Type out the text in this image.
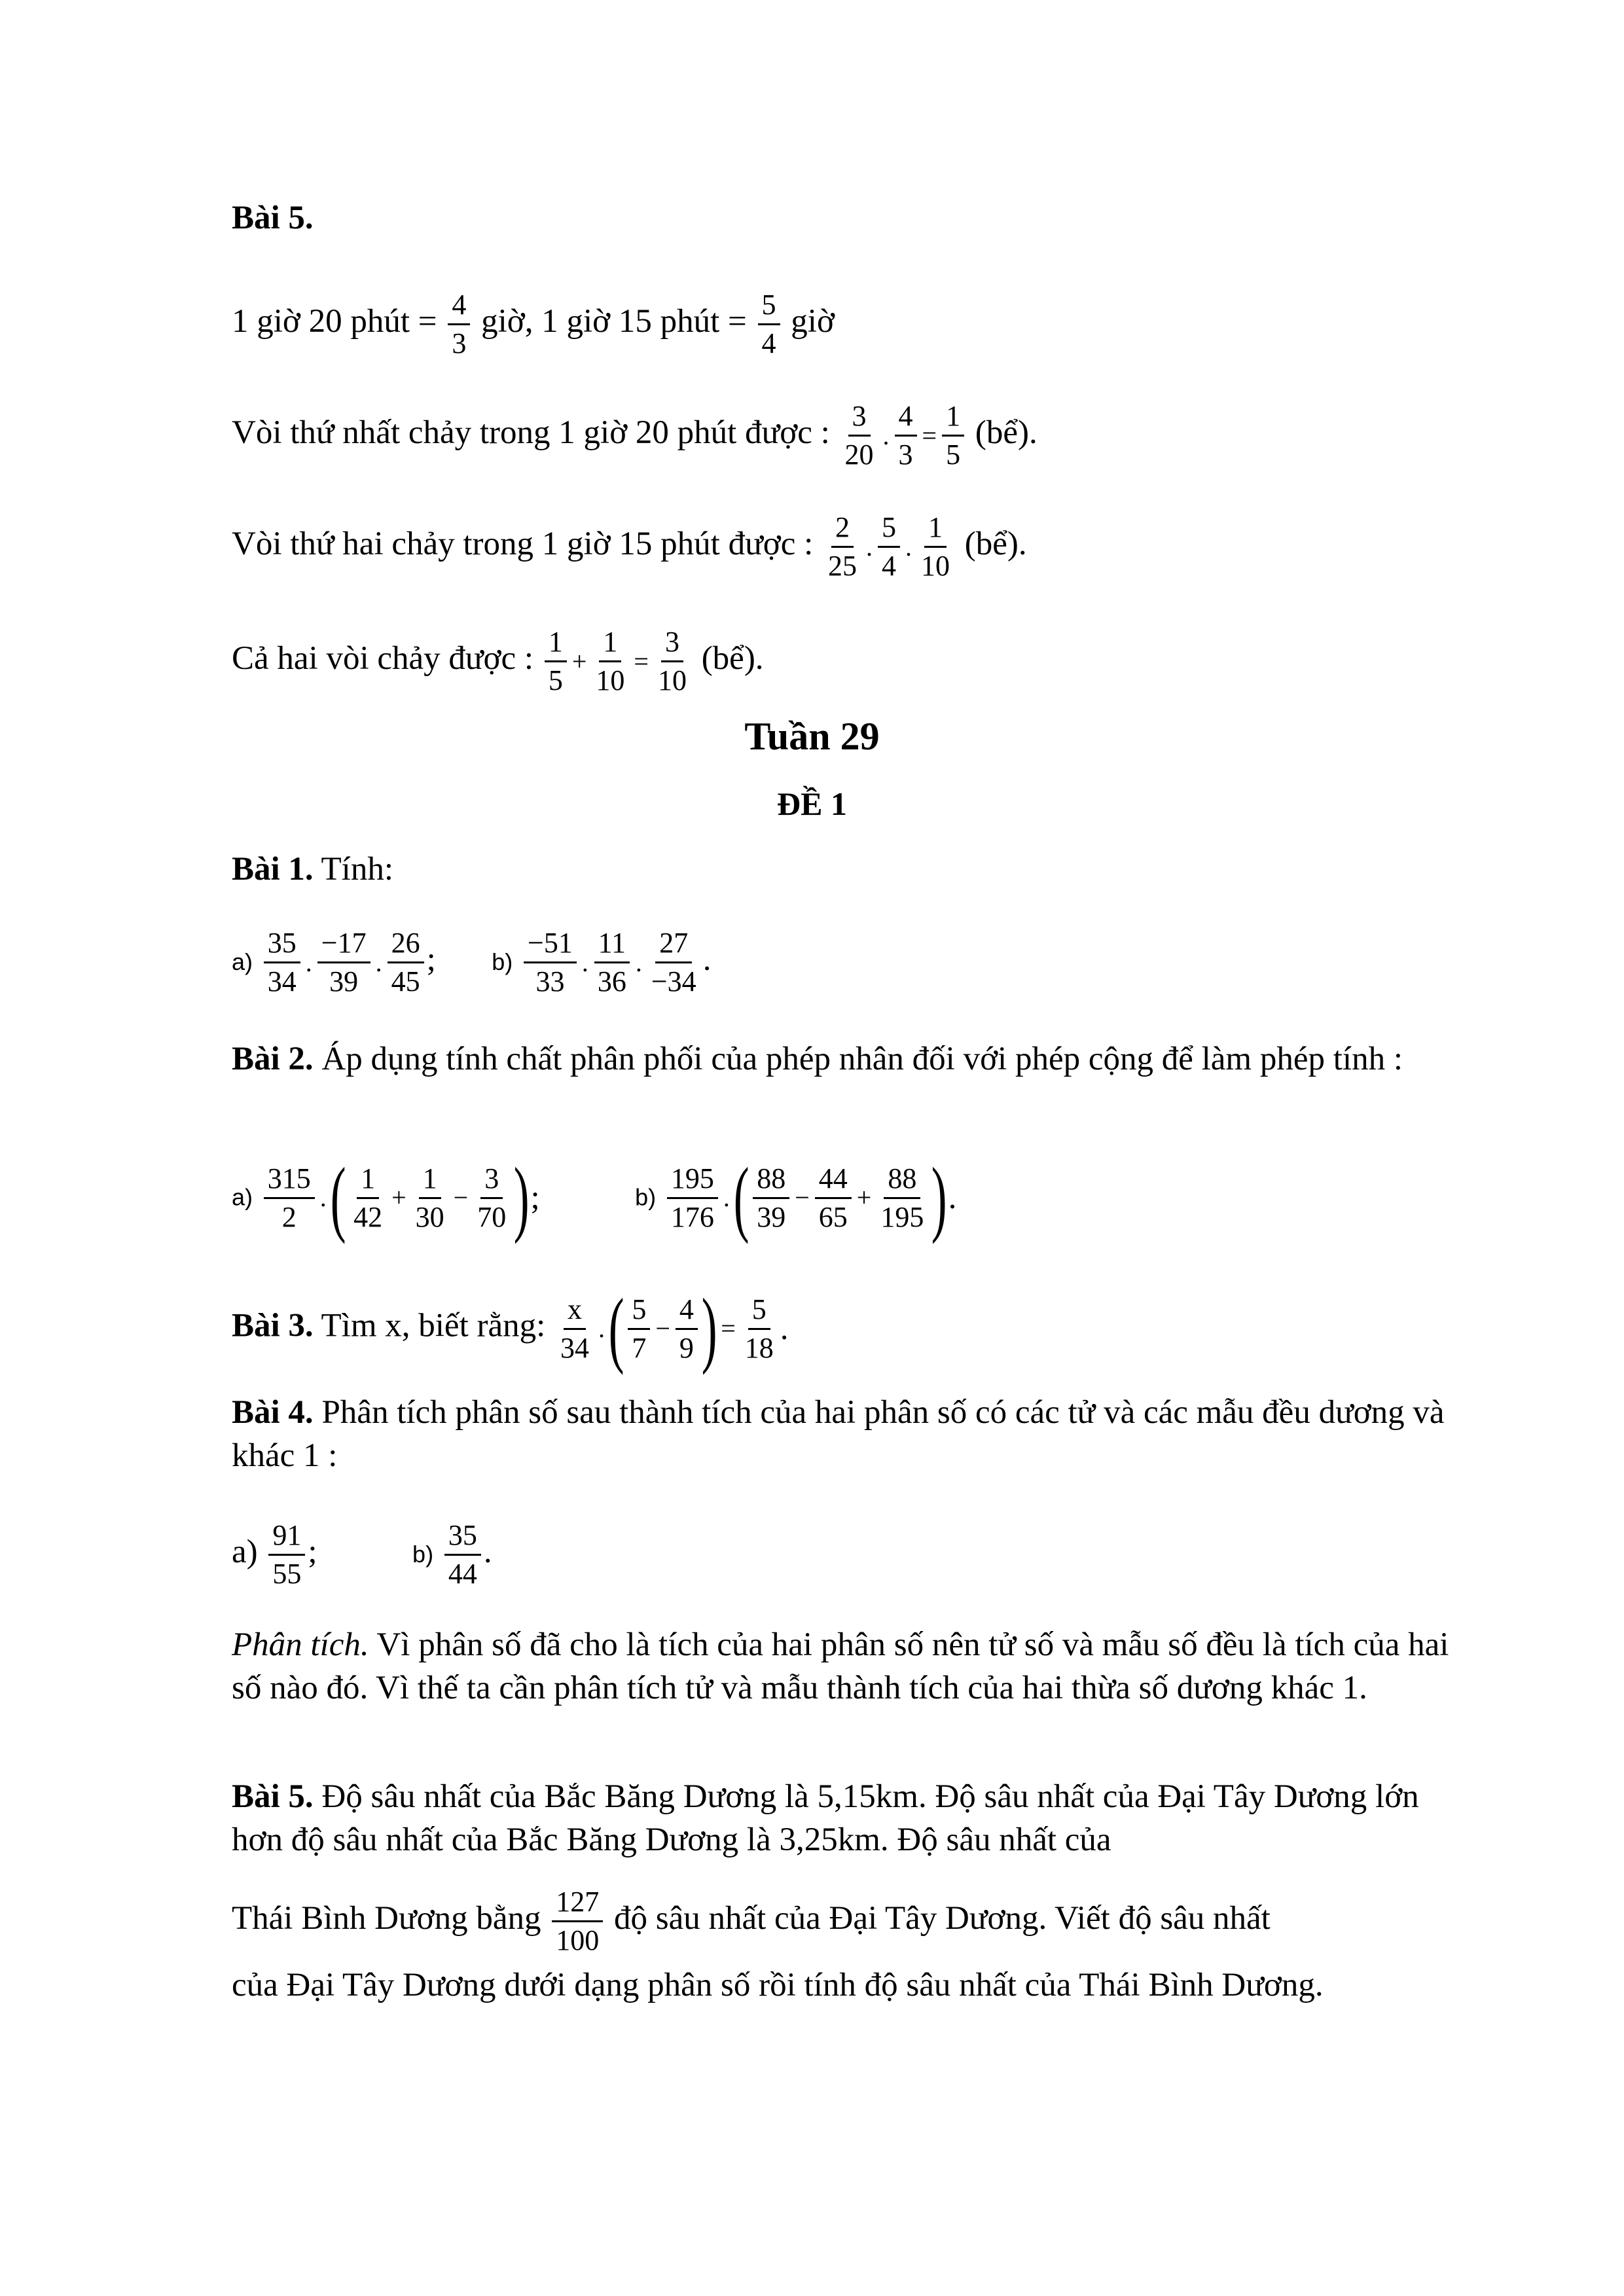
Bài 5.
1 giờ 20 phút = $\frac{4}{3}$ giờ, 1 giờ 15 phút = $\frac{5}{4}$ giờ
Vòi thứ nhất chảy trong 1 giờ 20 phút được : $\frac{3}{20}$ . $\frac{4}{3} = \frac{1}{5}$ (bể).
Vòi thứ hai chảy trong 1 giờ 15 phút được : $\frac{2}{25}$ . $\frac{5}{4}$ . $\frac{1}{10}$ (bể).
Cả hai vòi chảy được : $\frac{1}{5} + \frac{1}{10} = \frac{3}{10}$ (bể).
Tuần 29
ĐỀ 1
Bài 1. Tính:
$a) \frac{35}{34}$ . $\frac{-17}{39}$ . $\frac{26}{45}$ ; $b) \frac{-51}{33}$ . $\frac{11}{36}$ . $\frac{27}{-34}$ .
Bài 2. Áp dụng tính chất phân phối của phép nhân đối với phép cộng để làm phép tính :
$a) \frac{315}{2}$ . ( $\frac{1}{42} + \frac{1}{30} - \frac{3}{70}$ ) ;	$b) \frac{195}{176}$ . ( $\frac{88}{39} - \frac{44}{65} + \frac{88}{195}$ ) .
Bài 3. Tìm x, biết rằng: $\frac{x}{34}$ . ( $\frac{5}{7} - \frac{4}{9}$ ) = $\frac{5}{18}$ .
Bài 4. Phân tích phân số sau thành tích của hai phân số có các tử và các mẫu đều dương và khác 1 :
$a) \frac{91}{55}$ ;	$b) \frac{35}{44}$ .
Phân tích. Vì phân số đã cho là tích của hai phân số nên tử số và mẫu số đều là tích của hai số nào đó. Vì thế ta cần phân tích tử và mẫu thành tích của hai thừa số dương khác 1.
Bài 5. Độ sâu nhất của Bắc Băng Dương là 5,15km. Độ sâu nhất của Đại Tây Dương lớn hơn độ sâu nhất của Bắc Băng Dương là 3,25km. Độ sâu nhất của
Thái Bình Dương bằng $\frac{127}{100}$ độ sâu nhất của Đại Tây Dương. Viết độ sâu nhất
của Đại Tây Dương dưới dạng phân số rồi tính độ sâu nhất của Thái Bình Dương.
